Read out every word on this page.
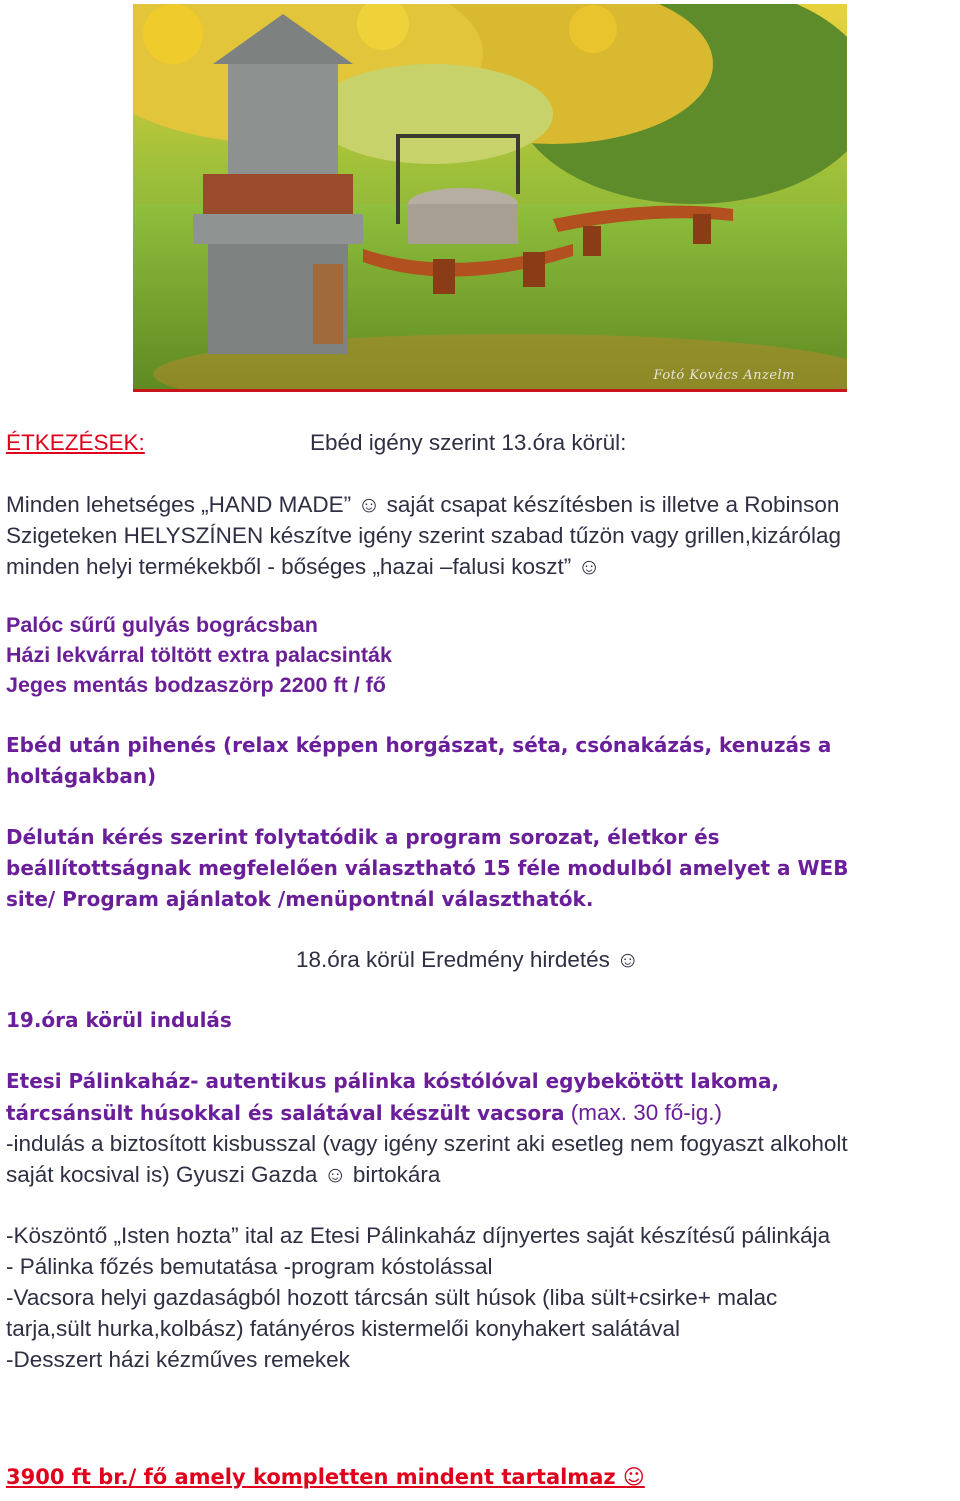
Fotó Kovács Anzelm
ÉTKEZÉSEK:	Ebéd igény szerint 13.óra körül:
Minden lehetséges „HAND MADE” ☺ saját csapat készítésben is illetve a Robinson
Szigeteken HELYSZÍNEN készítve igény szerint szabad tűzön vagy grillen,kizárólag
minden helyi termékekből - bőséges „hazai –falusi koszt” ☺
Palóc sűrű gulyás bográcsban
Házi lekvárral töltött extra palacsinták
Jeges mentás bodzaszörp 2200 ft / fő
Ebéd után pihenés (relax képpen horgászat, séta, csónakázás, kenuzás a
holtágakban)
Délután kérés szerint folytatódik a program sorozat, életkor és
beállítottságnak megfelelően választható 15 féle modulból amelyet a WEB
site/ Program ajánlatok /menüpontnál választhatók.
18.óra körül Eredmény hirdetés ☺
19.óra körül indulás
Etesi Pálinkaház- autentikus pálinka kóstólóval egybekötött lakoma,
tárcsánsült húsokkal és salátával készült vacsora (max. 30 fő-ig.)
-indulás a biztosított kisbusszal (vagy igény szerint aki esetleg nem fogyaszt alkoholt
saját kocsival is) Gyuszi Gazda ☺ birtokára
-Köszöntő „Isten hozta” ital az Etesi Pálinkaház díjnyertes saját készítésű pálinkája
- Pálinka főzés bemutatása -program kóstolással
-Vacsora helyi gazdaságból hozott tárcsán sült húsok (liba sült+csirke+ malac
tarja,sült hurka,kolbász) fatányéros kistermelői konyhakert salátával
-Desszert házi kézműves remekek
3900 ft br./ fő amely kompletten mindent tartalmaz ☺
